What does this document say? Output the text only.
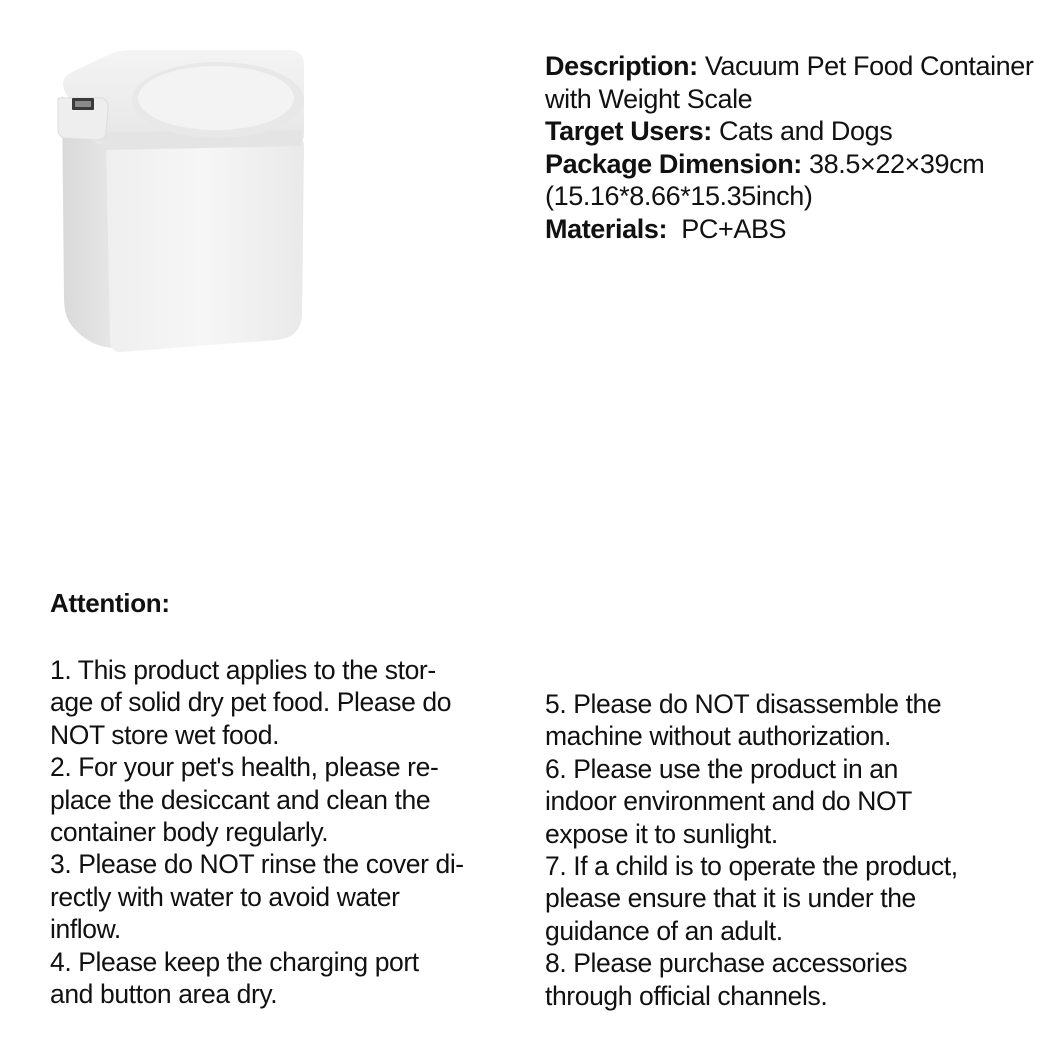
Description: Vacuum Pet Food Container with Weight Scale

Target Users: Cats and Dogs

Package Dimension: 38.5×22×39cm (15.16*8.66*15.35inch)

Materials:  PC+ABS

Attention:
1. This product applies to the stor-
age of solid dry pet food. Please do
NOT store wet food.
2. For your pet's health, please re-
place the desiccant and clean the
container body regularly.
3. Please do NOT rinse the cover di-
rectly with water to avoid water
inflow.
4. Please keep the charging port
and button area dry.
5. Please do NOT disassemble the
machine without authorization.
6. Please use the product in an
indoor environment and do NOT
expose it to sunlight.
7. If a child is to operate the product,
please ensure that it is under the
guidance of an adult.
8. Please purchase accessories
through official channels.
